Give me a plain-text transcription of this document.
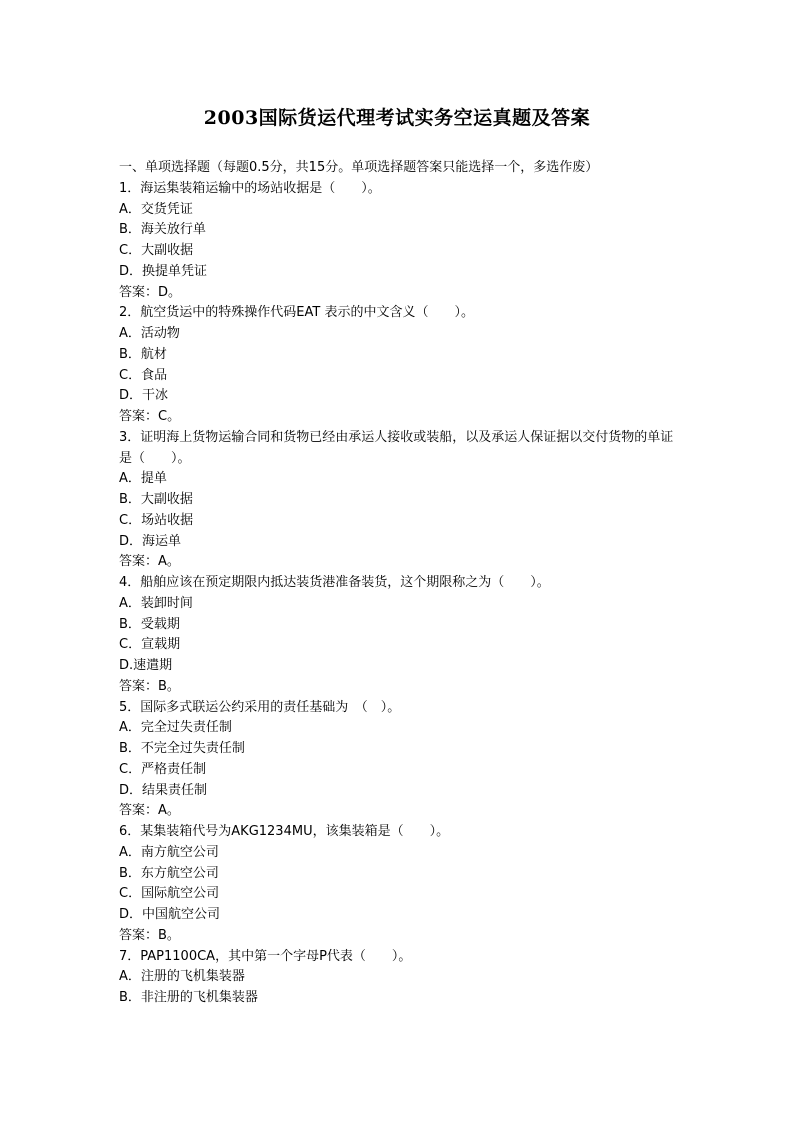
2003国际货运代理考试实务空运真题及答案

一、单项选择题（每题0.5分，共15分。单项选择题答案只能选择一个，多选作废）

1．海运集装箱运输中的场站收据是（　　）。

A．交货凭证

B．海关放行单

C．大副收据

D．换提单凭证

答案：D。

2．航空货运中的特殊操作代码EAT 表示的中文含义（　　）。

A．活动物

B．航材

C．食品

D．干冰

答案：C。

3．证明海上货物运输合同和货物已经由承运人接收或装船，以及承运人保证据以交付货物的单证是（　　）。

A．提单

B．大副收据

C．场站收据

D．海运单

答案：A。

4．船舶应该在预定期限内抵达装货港准备装货，这个期限称之为（　　）。

A．装卸时间

B．受载期

C．宣载期

D.速遣期

答案：B。

5．国际多式联运公约采用的责任基础为　（　）。

A．完全过失责任制

B．不完全过失责任制

C．严格责任制

D．结果责任制

答案：A。

6．某集装箱代号为AKG1234MU，该集装箱是（　　）。

A．南方航空公司

B．东方航空公司

C．国际航空公司

D．中国航空公司

答案：B。

7．PAP1100CA，其中第一个字母P代表（　　）。

A．注册的飞机集装器

B．非注册的飞机集装器
